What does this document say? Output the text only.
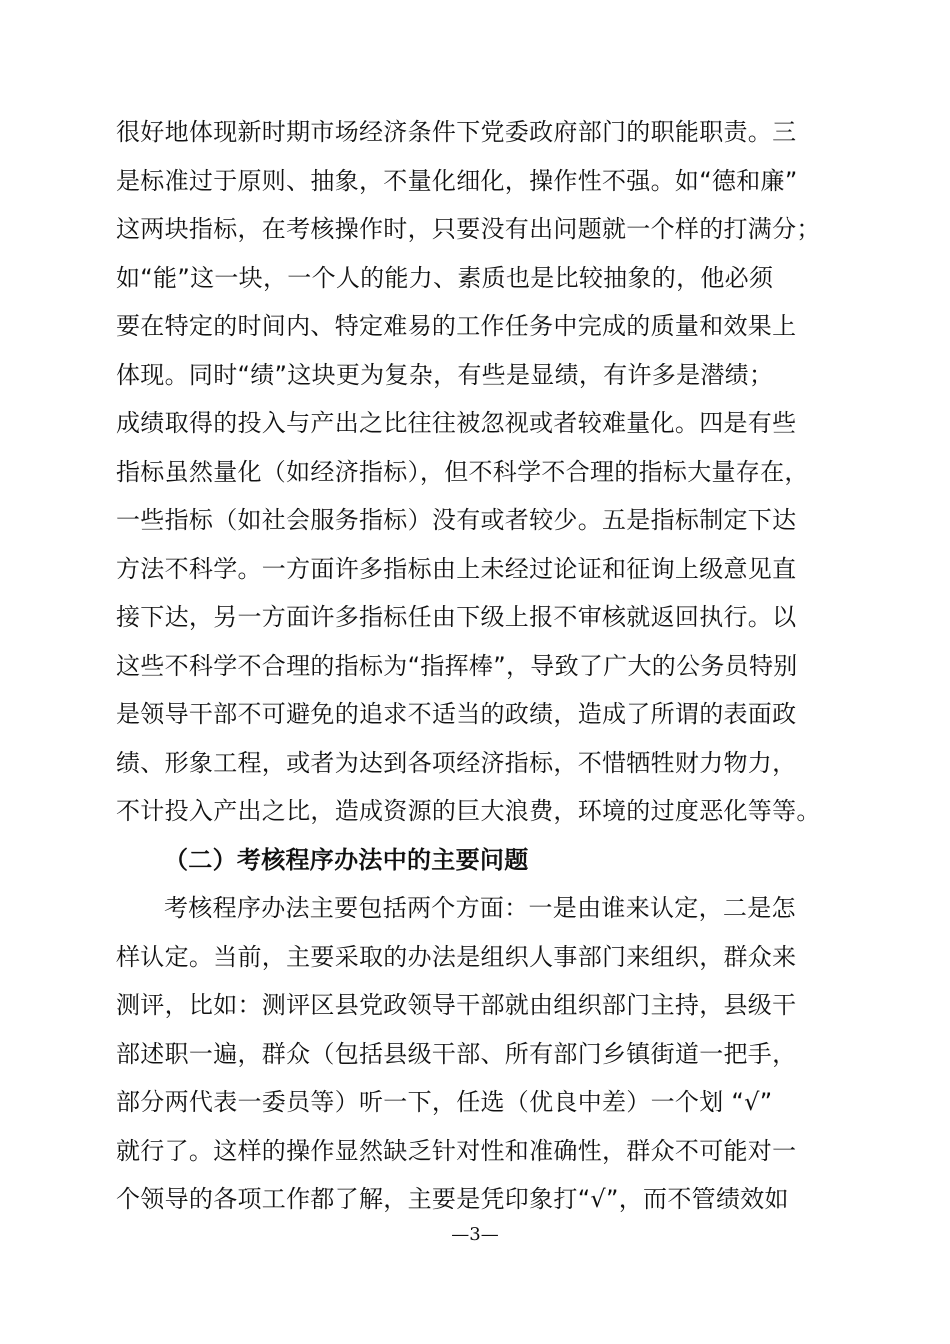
很好地体现新时期市场经济条件下党委政府部门的职能职责。三
是标准过于原则、抽象，不量化细化，操作性不强。如“德和廉”
这两块指标，在考核操作时，只要没有出问题就一个样的打满分；
如“能”这一块，一个人的能力、素质也是比较抽象的，他必须
要在特定的时间内、特定难易的工作任务中完成的质量和效果上
体现。同时“绩”这块更为复杂，有些是显绩，有许多是潜绩；
成绩取得的投入与产出之比往往被忽视或者较难量化。四是有些
指标虽然量化（如经济指标），但不科学不合理的指标大量存在，
一些指标（如社会服务指标）没有或者较少。五是指标制定下达
方法不科学。一方面许多指标由上未经过论证和征询上级意见直
接下达，另一方面许多指标任由下级上报不审核就返回执行。以
这些不科学不合理的指标为“指挥棒”，导致了广大的公务员特别
是领导干部不可避免的追求不适当的政绩，造成了所谓的表面政
绩、形象工程，或者为达到各项经济指标，不惜牺牲财力物力，
不计投入产出之比，造成资源的巨大浪费，环境的过度恶化等等。
（二）考核程序办法中的主要问题
考核程序办法主要包括两个方面：一是由谁来认定，二是怎
样认定。当前，主要采取的办法是组织人事部门来组织，群众来
测评，比如：测评区县党政领导干部就由组织部门主持，县级干
部述职一遍，群众（包括县级干部、所有部门乡镇街道一把手，
部分两代表一委员等）听一下，任选（优良中差）一个划 “√”
就行了。这样的操作显然缺乏针对性和准确性，群众不可能对一
个领导的各项工作都了解，主要是凭印象打“√”，而不管绩效如
—3—
